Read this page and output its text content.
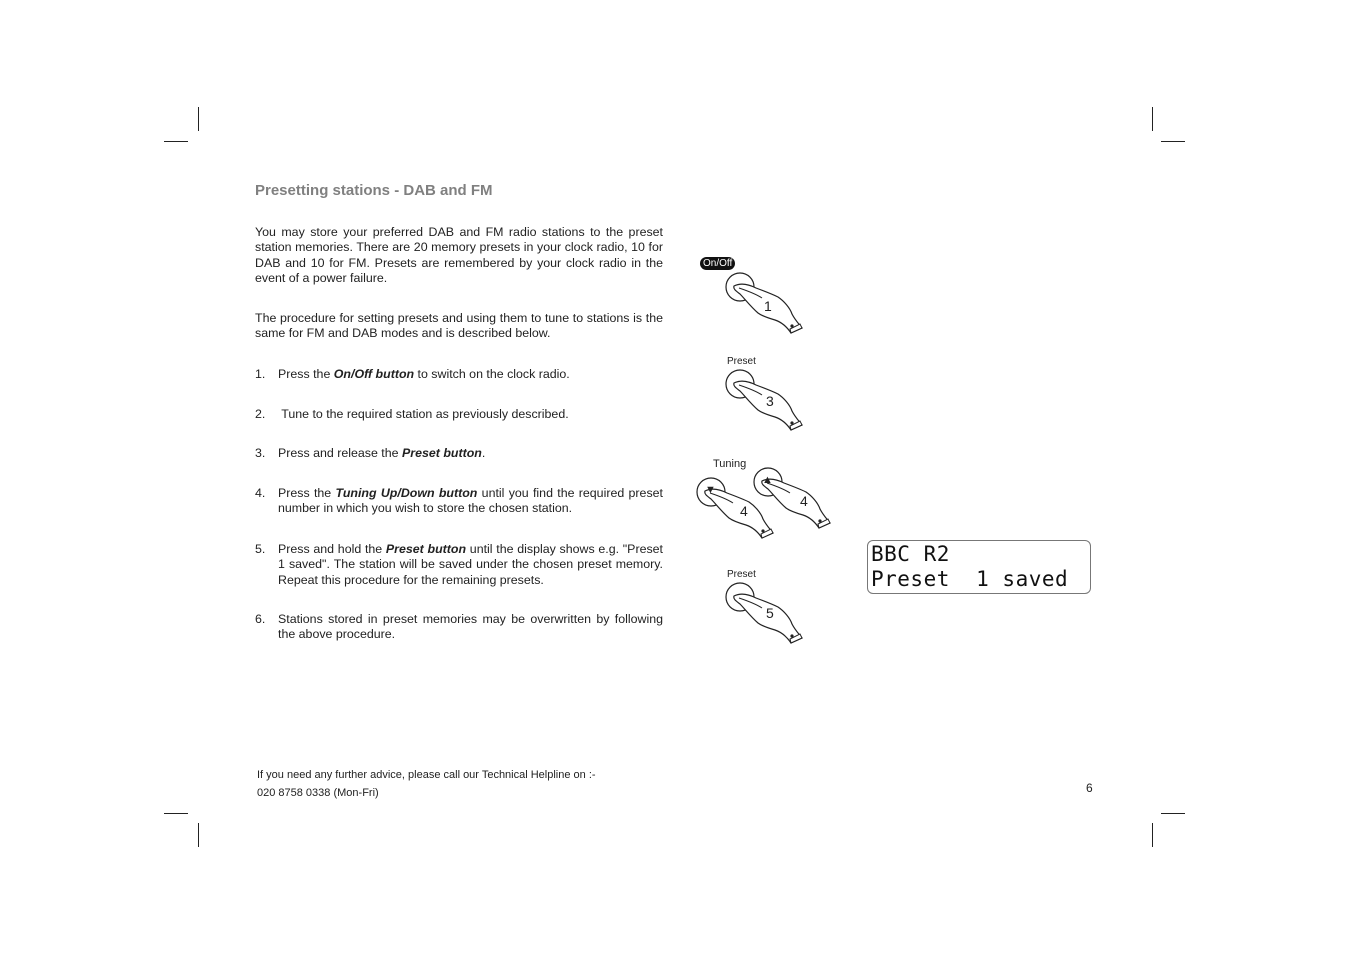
Presetting stations - DAB and FM
You may store your preferred DAB and FM radio stations to the preset station memories. There are 20 memory presets in your clock radio, 10 for DAB and 10 for FM. Presets are remembered by your clock radio in the event of a power failure.
The procedure for setting presets and using them to tune to stations is the same for FM and DAB modes and is described below.
1. Press the On/Off button to switch on the clock radio.
2. Tune to the required station as previously described.
3. Press and release the Preset button.
4. Press the Tuning Up/Down button until you find the required preset number in which you wish to store the chosen station.
5. Press and hold the Preset button until the display shows e.g. "Preset 1 saved". The station will be saved under the chosen preset memory. Repeat this procedure for the remaining presets.
6. Stations stored in preset memories may be overwritten by following the above procedure.
On/Off
1
Preset
3
Tuning
▼
▲
4
4
Preset
5
BBC R2
Preset  1 saved
If you need any further advice, please call our Technical Helpline on :-
020 8758 0338 (Mon-Fri)	6
